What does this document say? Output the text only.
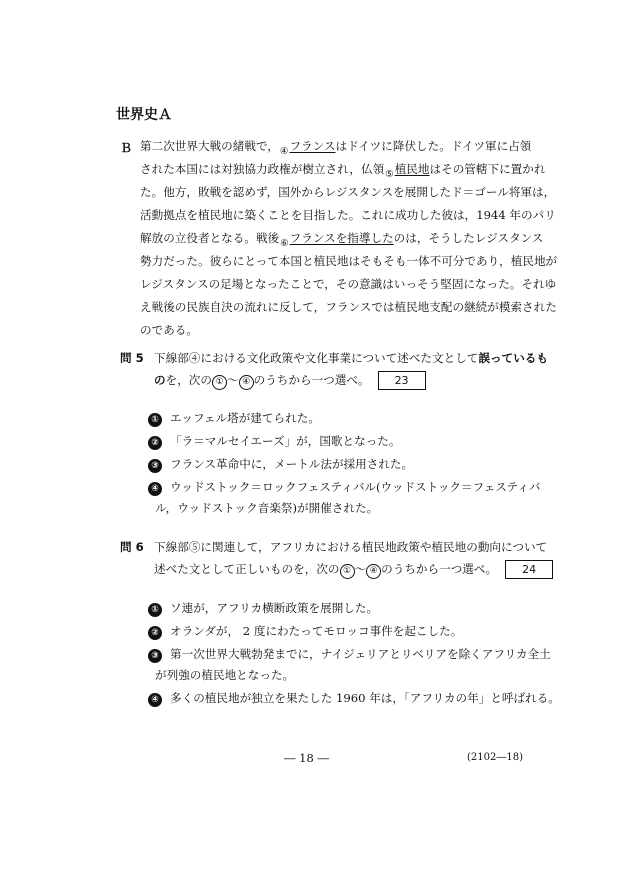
世界史Ａ
Ｂ 第二次世界大戦の緒戦で，$_④$フランスはドイツに降伏した。ドイツ軍に占領
された本国には対独協力政権が樹立され，仏領$_⑤$植民地はその管轄下に置かれ
た。他方，敗戦を認めず，国外からレジスタンスを展開したド＝ゴール将軍は，
活動拠点を植民地に築くことを目指した。これに成功した彼は，1944 年のパリ
解放の立役者となる。戦後$_⑥$フランスを指導したのは，そうしたレジスタンス
勢力だった。彼らにとって本国と植民地はそもそも一体不可分であり，植民地が
レジスタンスの足場となったことで，その意識はいっそう堅固になった。それゆ
え戦後の民族自決の流れに反して，フランスでは植民地支配の継続が模索された
のである。
問 5 下線部④における文化政策や文化事業について述べた文として誤っているも
のを，次の ① ～ ④ のうちから一つ選べ。 23
① エッフェル塔が建てられた。
② 「ラ＝マルセイエーズ」が，国歌となった。
③ フランス革命中に，メートル法が採用された。
④ ウッドストック＝ロックフェスティバル(ウッドストック＝フェスティバ
ル，ウッドストック音楽祭)が開催された。
問 6 下線部⑤に関連して，アフリカにおける植民地政策や植民地の動向について
述べた文として正しいものを，次の ① ～ ④ のうちから一つ選べ。 24
① ソ連が，アフリカ横断政策を展開した。
② オランダが， 2 度にわたってモロッコ事件を起こした。
③ 第一次世界大戦勃発までに，ナイジェリアとリベリアを除くアフリカ全土
が列強の植民地となった。
④ 多くの植民地が独立を果たした 1960 年は，「アフリカの年」と呼ばれる。
― 18 ―	(2102―18)
